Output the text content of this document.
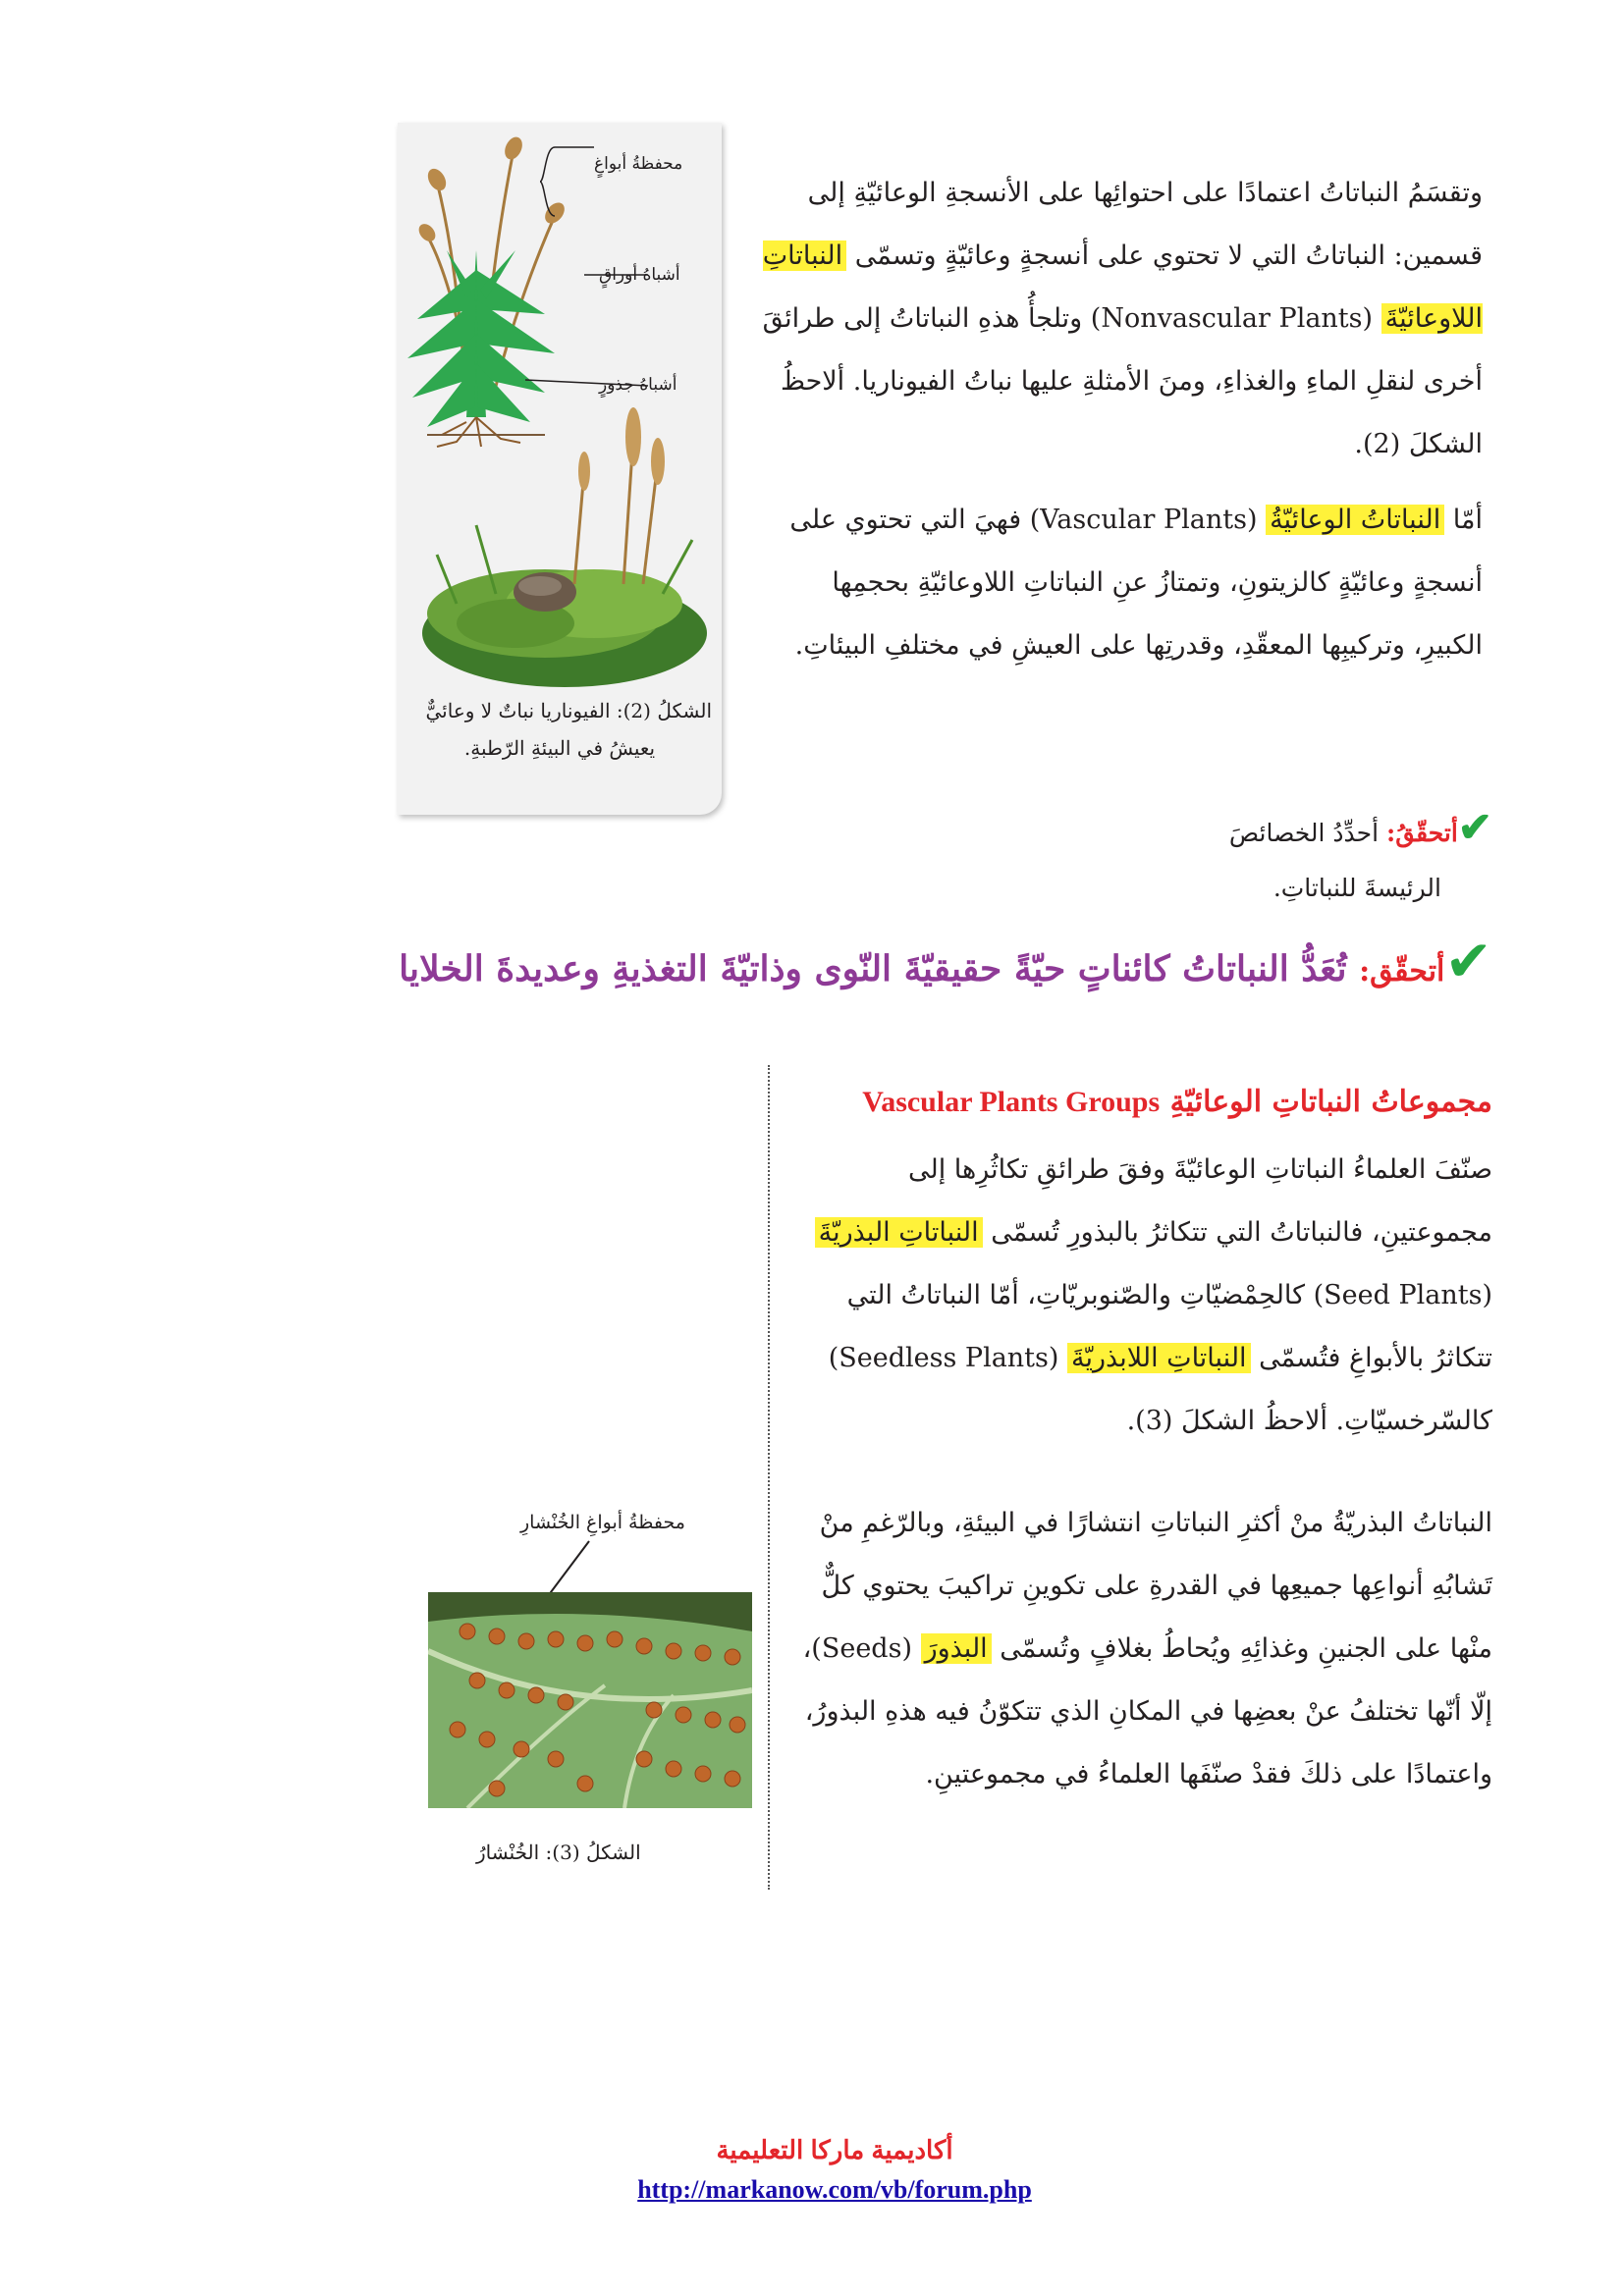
وتقسَمُ النباتاتُ اعتمادًا على احتوائِها على الأنسجةِ الوعائيّةِ إلى قسمين: النباتاتُ التي لا تحتوي على أنسجةٍ وعائيّةٍ وتسمّى النباتاتِ اللاوعائيّةَ (Nonvascular Plants) وتلجأُ هذهِ النباتاتُ إلى طرائقَ أخرى لنقلِ الماءِ والغذاءِ، ومنَ الأمثلةِ عليها نباتُ الفيوناريا. ألاحظُ الشكلَ (2).
أمّا النباتاتُ الوعائيّةُ (Vascular Plants) فهيَ التي تحتوي على أنسجةٍ وعائيّةٍ كالزيتونِ، وتمتازُ عنِ النباتاتِ اللاوعائيّةِ بحجمِها الكبيرِ، وتركيبِها المعقّدِ، وقدرتِها على العيشِ في مختلفِ البيئاتِ.
محفظةُ أبواغٍ
أشباهُ أوراقٍ
أشباهُ جذورٍ
الشكلُ (2): الفيوناريا نباتٌ لا وعائيٌّ
يعيشُ في البيئةِ الرّطبةِ.
✔أتحقّقُ: أحدِّدُ الخصائصَ
الرئيسةَ للنباتاتِ.
✔أتحقّق: تُعَدُّ النباتاتُ كائناتٍ حيّةً حقيقيّةَ النّوى وذاتيّةَ التغذيةِ وعديدةَ الخلايا
مجموعاتُ النباتاتِ الوعائيّةِ Vascular Plants Groups
صنّفَ العلماءُ النباتاتِ الوعائيّةَ وفقَ طرائقِ تكاثُرِها إلى مجموعتينِ، فالنباتاتُ التي تتكاثرُ بالبذورِ تُسمّى النباتاتِ البذريّةَ (Seed Plants) كالحِمْضيّاتِ والصّنوبريّاتِ، أمّا النباتاتُ التي تتكاثرُ بالأبواغِ فتُسمّى النباتاتِ اللابذريّةَ (Seedless Plants) كالسّرخسيّاتِ. ألاحظُ الشكلَ (3).
النباتاتُ البذريّةُ منْ أكثرِ النباتاتِ انتشارًا في البيئةِ، وبالرّغمِ منْ تَشابُهِ أنواعِها جميعِها في القدرةِ على تكوينِ تراكيبَ يحتوي كلٌّ منْها على الجنينِ وغذائِهِ ويُحاطُ بغلافٍ وتُسمّى البذورَ (Seeds)، إلّا أنّها تختلفُ عنْ بعضِها في المكانِ الذي تتكوّنُ فيه هذهِ البذورُ، واعتمادًا على ذلكَ فقدْ صنّفَها العلماءُ في مجموعتينِ.
محفظةُ أبواغِ الخُنْشارِ
الشكلُ (3): الخُنْشارُ
أكاديمية ماركا التعليمية
http://markanow.com/vb/forum.php
